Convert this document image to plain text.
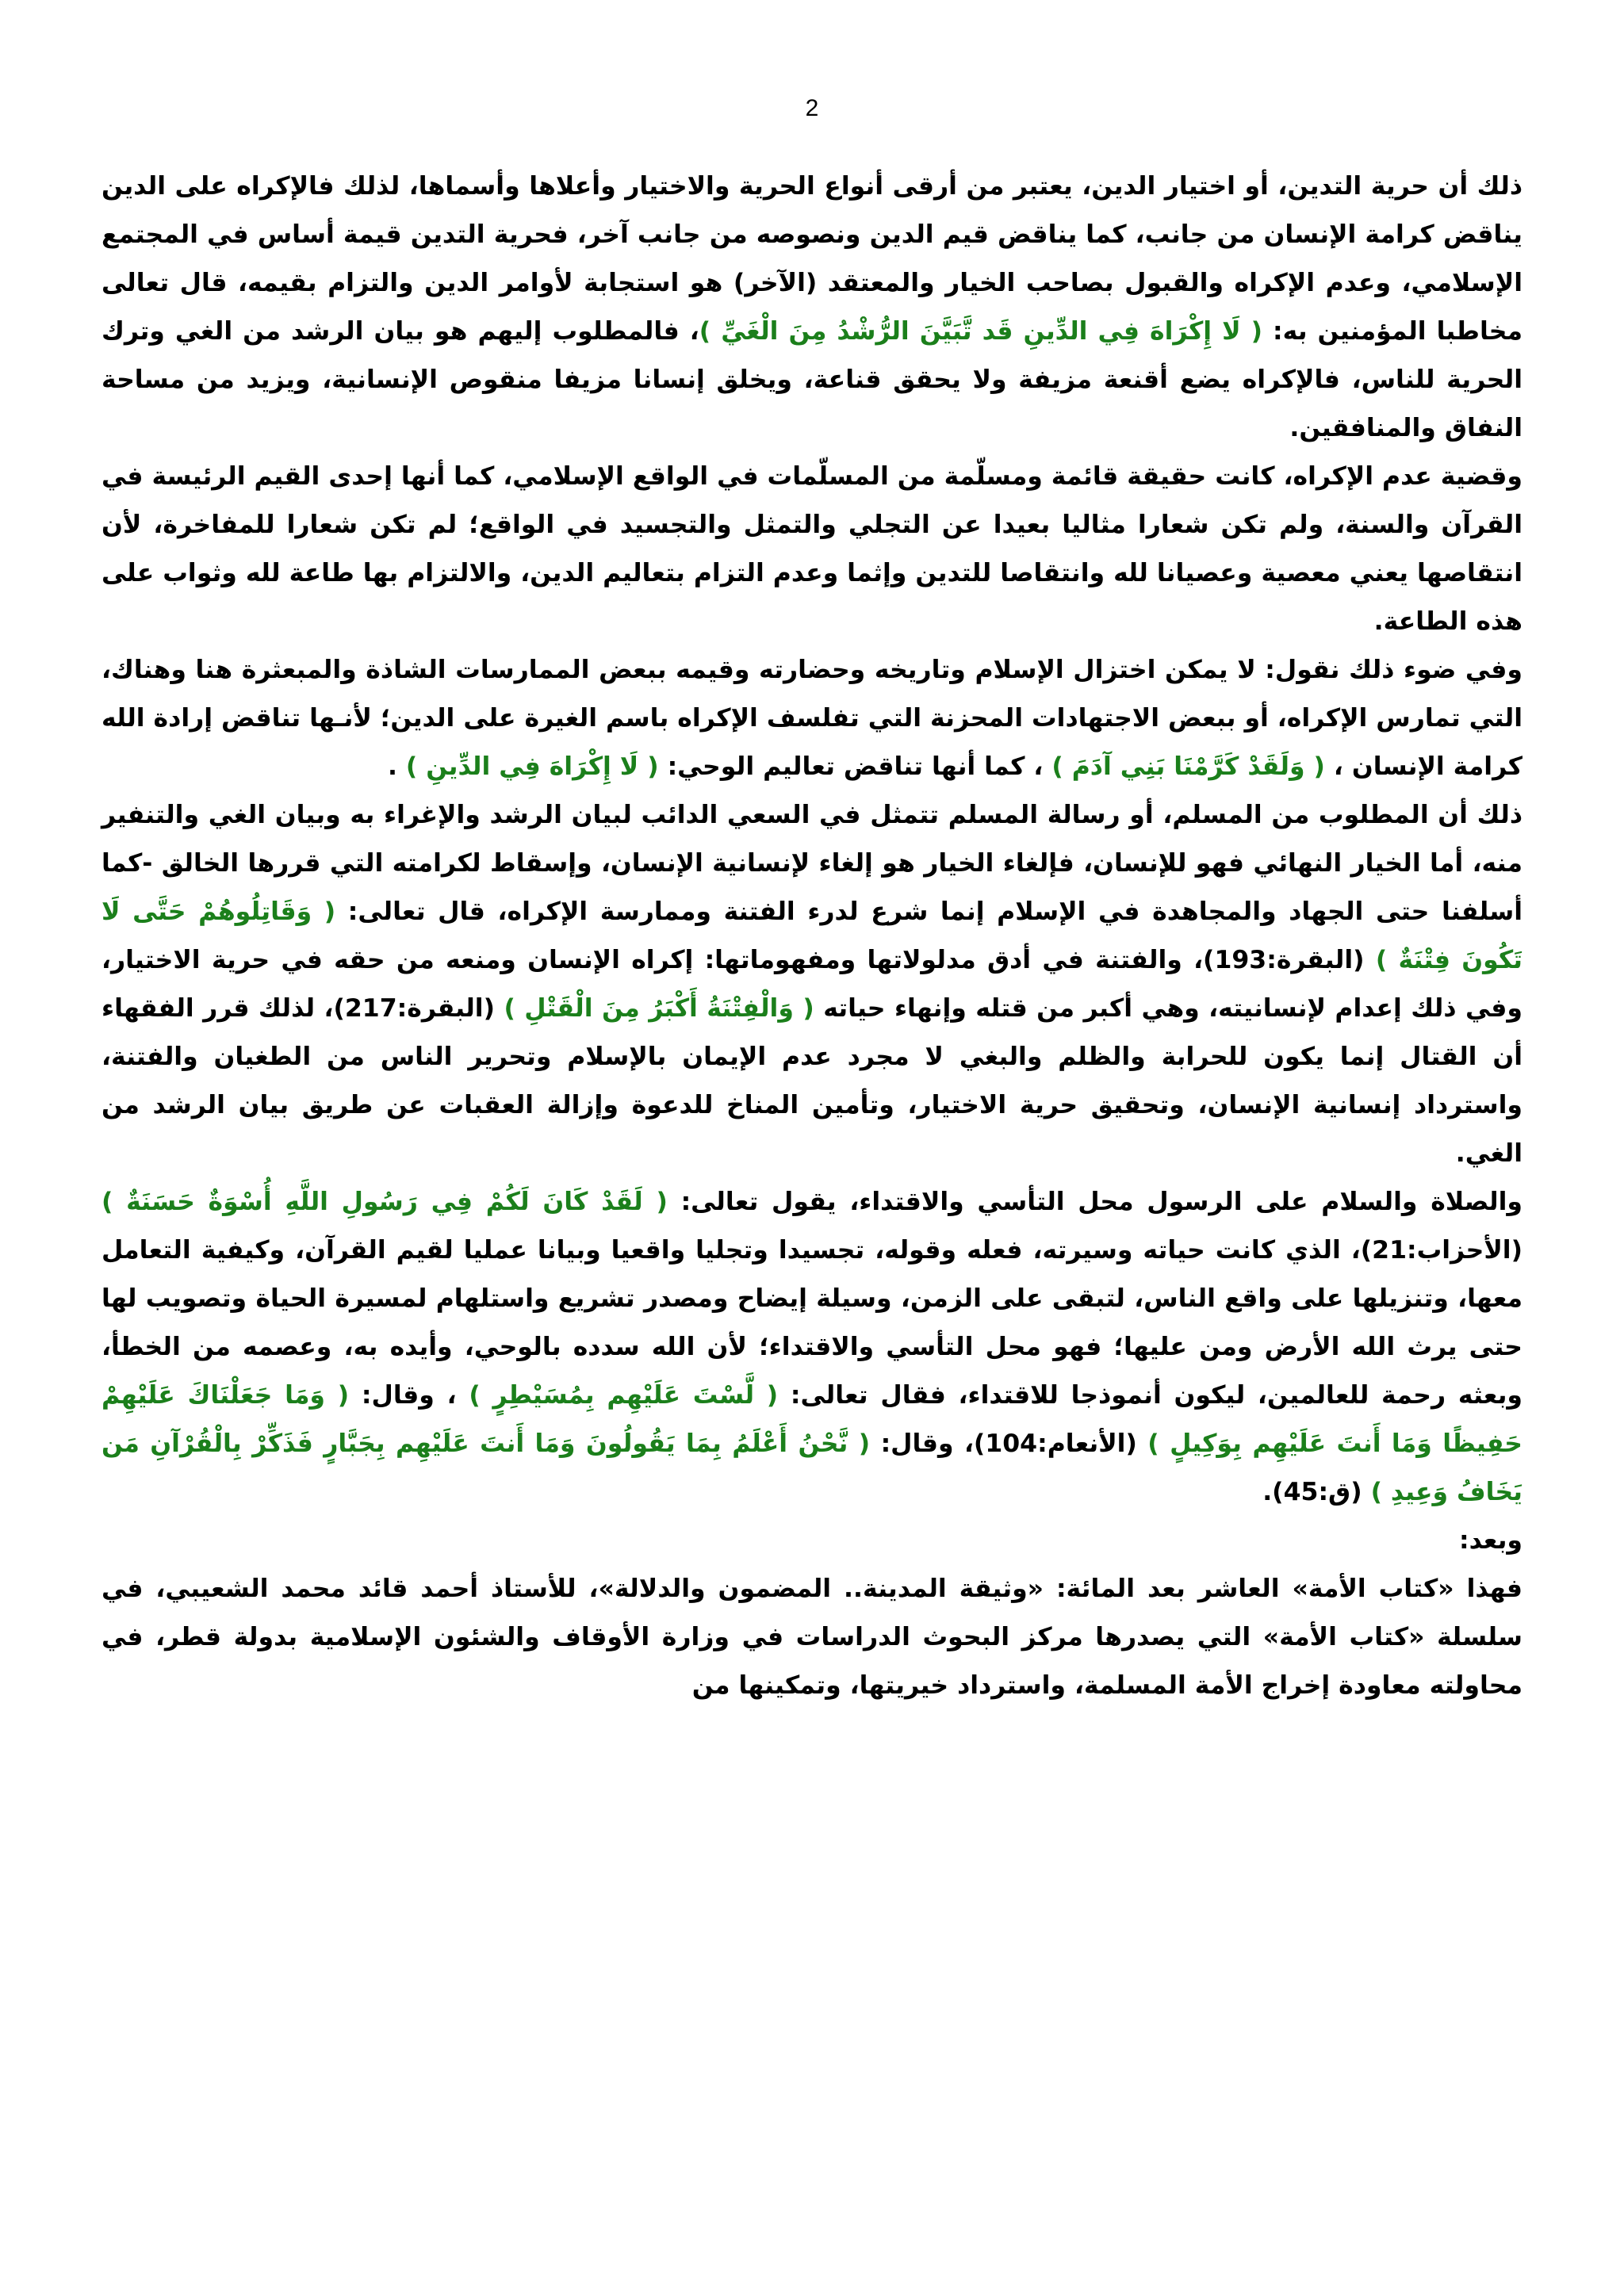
2

ذلك أن حرية التدين، أو اختيار الدين، يعتبر من أرقى أنواع الحرية والاختيار وأعلاها وأسماها، لذلك فالإكراه على الدين يناقض كرامة الإنسان من جانب، كما يناقض قيم الدين ونصوصه من جانب آخر، فحرية التدين قيمة أساس في المجتمع الإسلامي، وعدم الإكراه والقبول بصاحب الخيار والمعتقد (الآخر) هو استجابة لأوامر الدين والتزام بقيمه، قال تعالى مخاطبا المؤمنين به: ( لَا إِكْرَاهَ فِي الدِّينِ قَد تَّبَيَّنَ الرُّشْدُ مِنَ الْغَيِّ )، فالمطلوب إليهم هو بيان الرشد من الغي وترك الحرية للناس، فالإكراه يضع أقنعة مزيفة ولا يحقق قناعة، ويخلق إنسانا مزيفا منقوص الإنسانية، ويزيد من مساحة النفاق والمنافقين.

وقضية عدم الإكراه، كانت حقيقة قائمة ومسلّمة من المسلّمات في الواقع الإسلامي، كما أنها إحدى القيم الرئيسة في القرآن والسنة، ولم تكن شعارا مثاليا بعيدا عن التجلي والتمثل والتجسيد في الواقع؛ لم تكن شعارا للمفاخرة، لأن انتقاصها يعني معصية وعصيانا لله وانتقاصا للتدين وإثما وعدم التزام بتعاليم الدين، والالتزام بها طاعة لله وثواب على هذه الطاعة.

وفي ضوء ذلك نقول: لا يمكن اختزال الإسلام وتاريخه وحضارته وقيمه ببعض الممارسات الشاذة والمبعثرة هنا وهناك، التي تمارس الإكراه، أو ببعض الاجتهادات المحزنة التي تفلسف الإكراه باسم الغيرة على الدين؛ لأنـها تناقض إرادة الله كرامة الإنسان ، ( وَلَقَدْ كَرَّمْنَا بَنِي آدَمَ ) ، كما أنها تناقض تعاليم الوحي: ( لَا إِكْرَاهَ فِي الدِّينِ ) .

ذلك أن المطلوب من المسلم، أو رسالة المسلم تتمثل في السعي الدائب لبيان الرشد والإغراء به وبيان الغي والتنفير منه، أما الخيار النهائي فهو للإنسان، فإلغاء الخيار هو إلغاء لإنسانية الإنسان، وإسقاط لكرامته التي قررها الخالق -كما أسلفنا حتى الجهاد والمجاهدة في الإسلام إنما شرع لدرء الفتنة وممارسة الإكراه، قال تعالى: ( وَقَاتِلُوهُمْ حَتَّى لَا تَكُونَ فِتْنَةٌ ) (البقرة:193)، والفتنة في أدق مدلولاتها ومفهوماتها: إكراه الإنسان ومنعه من حقه في حرية الاختيار، وفي ذلك إعدام لإنسانيته، وهي أكبر من قتله وإنهاء حياته ( وَالْفِتْنَةُ أَكْبَرُ مِنَ الْقَتْلِ ) (البقرة:217)، لذلك قرر الفقهاء أن القتال إنما يكون للحرابة والظلم والبغي لا مجرد عدم الإيمان بالإسلام وتحرير الناس من الطغيان والفتنة، واسترداد إنسانية الإنسان، وتحقيق حرية الاختيار، وتأمين المناخ للدعوة وإزالة العقبات عن طريق بيان الرشد من الغي.

والصلاة والسلام على الرسول محل التأسي والاقتداء، يقول تعالى: ( لَقَدْ كَانَ لَكُمْ فِي رَسُولِ اللَّهِ أُسْوَةٌ حَسَنَةٌ ) (الأحزاب:21)، الذي كانت حياته وسيرته، فعله وقوله، تجسيدا وتجليا واقعيا وبيانا عمليا لقيم القرآن، وكيفية التعامل معها، وتنزيلها على واقع الناس، لتبقى على الزمن، وسيلة إيضاح ومصدر تشريع واستلهام لمسيرة الحياة وتصويب لها حتى يرث الله الأرض ومن عليها؛ فهو محل التأسي والاقتداء؛ لأن الله سدده بالوحي، وأيده به، وعصمه من الخطأ، وبعثه رحمة للعالمين، ليكون أنموذجا للاقتداء، فقال تعالى: ( لَّسْتَ عَلَيْهِم بِمُسَيْطِرٍ ) ، وقال: ( وَمَا جَعَلْنَاكَ عَلَيْهِمْ حَفِيظًا وَمَا أَنتَ عَلَيْهِم بِوَكِيلٍ ) (الأنعام:104)، وقال: ( نَّحْنُ أَعْلَمُ بِمَا يَقُولُونَ وَمَا أَنتَ عَلَيْهِم بِجَبَّارٍ فَذَكِّرْ بِالْقُرْآنِ مَن يَخَافُ وَعِيدِ ) (ق:45).

وبعد:

فهذا «كتاب الأمة» العاشر بعد المائة: «وثيقة المدينة.. المضمون والدلالة»، للأستاذ أحمد قائد محمد الشعيبي، في سلسلة «كتاب الأمة» التي يصدرها مركز البحوث الدراسات في وزارة الأوقاف والشئون الإسلامية بدولة قطر، في محاولته معاودة إخراج الأمة المسلمة، واسترداد خيريتها، وتمكينها من
